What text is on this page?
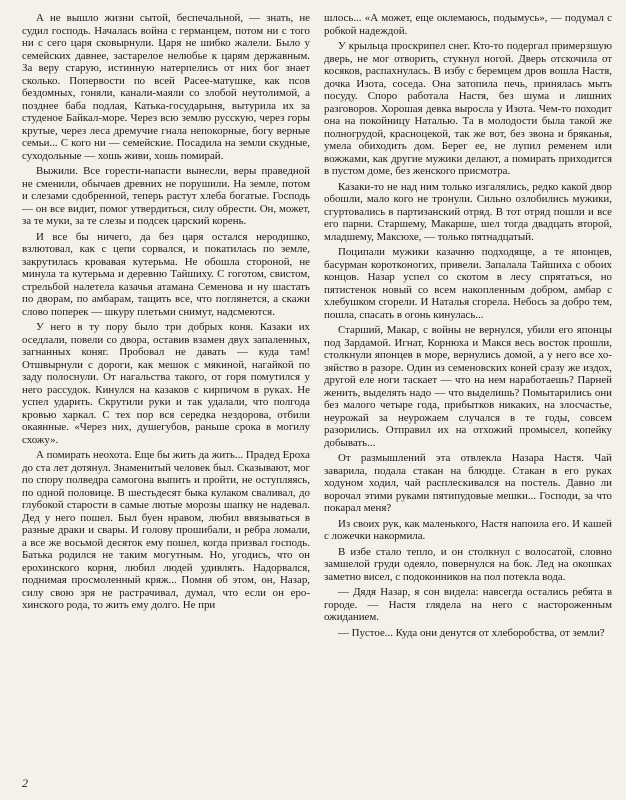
А не вышло жизни сытой, беспечальной, — знать, не судил господь. Началась война с германцем, потом ни с того ни с сего царя сковырнули. Царя не шибко жалели. Было у семейских давнее, застарелое нелюбье к царям державным. За веру старую, истинную натерпелись от них бог знает сколько. Попервости по всей Расее-матушке, как псов бездомных, гоняли, канали-маяли со злобой неутолимой, а позднее баба подлая, Катька-государыня, вытурила их за студеное Байкал-море. Через всю землю русскую, через горы крутые, через леса дремучие гнала непокорные, богу верные семьи... С кого ни — семейские. Посадила на земли скудные, суходольные — хошь живи, хошь помирай.

Выжили. Все горести-напасти вынесли, веры праведной не сменили, обычаев древних не порушили. На земле, потом и слезами сдобренной, теперь растут хлеба богатые. Господь — он все видит, помог утвердиться, силу обрести. Он, может, за те муки, за те слезы и подсек царский корень.

И все бы ничего, да без царя остался неродишко, взлютовал, как с цепи сорвался, и покатилась по земле, закрутилась кровавая кутерьма. Не обошла стороной, не минула та кутерьма и деревню Тайшиху. С гоготом, свистом, стрельбой налетела казачья атамана Семенова и ну шастать по дворам, по амбарам, тащить все, что поглянется, а скажи слово поперек — шкуру плетьми снимут, надсмеются.

У него в ту пору было три добрых коня. Казаки их оседлали, повели со двора, оставив взамен двух запаленных, загнанных коняг. Пробовал не давать — куда там! Отшвырнули с дороги, как мешок с мякиной, нагайкой по заду полоснули. От нагальства такого, от горя помутился у него рассудок. Кинулся на казаков с кирпичом в руках. Не успел ударить. Скрутили руки и так удалали, что полгода кровью харкал. С тех пор вся середка нездорова, отбили окаянные. «Через них, душегубов, раньше срока в могилу схожу».

А помирать неохота. Еще бы жить да жить... Прадед Ероха до ста лет дотянул. Знаменитый человек был. Сказывают, мог по спору полведра самогона выпить и пройти, не оступляясь, по одной половице. В шестьдесят быка кулаком сваливал, до глубокой старости в самые лютые морозы шапку не надевал. Дед у него пошел. Был буен нравом, любил ввязываться в разные драки и свары. И голову прошибали, и ребра ломали, а все же восьмой десяток ему пошел, когда призвал господь. Батька родился не таким могутным. Но, угодись, что он ерохинского корня, любил людей удивлять. Надорвался, поднимая просмоленный кряж... Помня об этом, он, Назар, силу свою зря не растрачивал, думал, что если он ерохинского рода, то жить ему долго. Не при

шлось... «А может, еще оклемаюсь, подымусь», — подумал с робкой надеждой.

У крыльца проскрипел снег. Кто-то подергал примерзшую дверь, не мог отворить, стукнул ногой. Дверь отскочила от косяков, распахнулась. В избу с беремцем дров вошла Настя, дочка Изота, соседа. Она затопила печь, принялась мыть посуду. Споро работала Настя, без шума и лишних разговоров. Хорошая девка выросла у Изота. Чем-то походит она на покойницу Наталью. Та в молодости была такой же полногрудой, красноцекой, так же вот, без звона и бряканья, умела обиходить дом. Берег ее, не лупил ременем или вожжами, как другие мужики делают, а помирать приходится в пустом доме, без женского присмотра.

Казаки-то не над ним только изгалялись, редко какой двор обошли, мало кого не тронули. Сильно озлобились мужики, сгуртовались в партизанский отряд. В тот отряд пошли и все его парни. Старшему, Макарше, шел тогда двадцать второй, младшему, Максюхе, — только пятнадцатый.

Поципали мужики казачню подходяще, а те японцев, басурман коротконогих, привели. Запалала Тайшиха с обоих концов. Назар успел со скотом в лесу спрятаться, но пятистенок новый со всем накопленным добром, амбар с хлебушком сгорели. И Наталья сгорела. Небось за добро тем, пошла, спасать в огонь кинулась...

Старший, Макар, с войны не вернулся, убили его японцы под Зардамой. Игнат, Корнюха и Макся весь восток прошли, столкнули японцев в море, вернулись домой, а у него все хозяйство в разоре. Один из семеновских коней сразу же издох, другой еле ноги таскает — что на нем наработаешь? Парней женить, выделять надо — что выделишь? Помытарились они без малого четыре года, прибытков никаких, на злосчастье, неурожай за неурожаем случался в те годы, совсем разорились. Отправил их на отхожий промысел, копейку добывать...

От размышлений эта отвлекла Назара Настя. Чай заварила, подала стакан на блюдце. Стакан в его руках ходуном ходил, чай расплескивался на постель. Давно ли ворочал этими руками пятипудовые мешки... Господи, за что покарал меня?

Из своих рук, как маленького, Настя напоила его. И кашей с ложечки накормила.

В избе стало тепло, и он столкнул с волосатой, словно замшелой груди одеяло, повернулся на бок. Лед на окошках заметно висел, с подоконников на пол потекла вода.

— Дядя Назар, я сон видела: навсегда остались ребята в городе. — Настя глядела на него с настороженным ожиданием.

— Пустое... Куда они денутся от хлеборобства, от земли?

2
